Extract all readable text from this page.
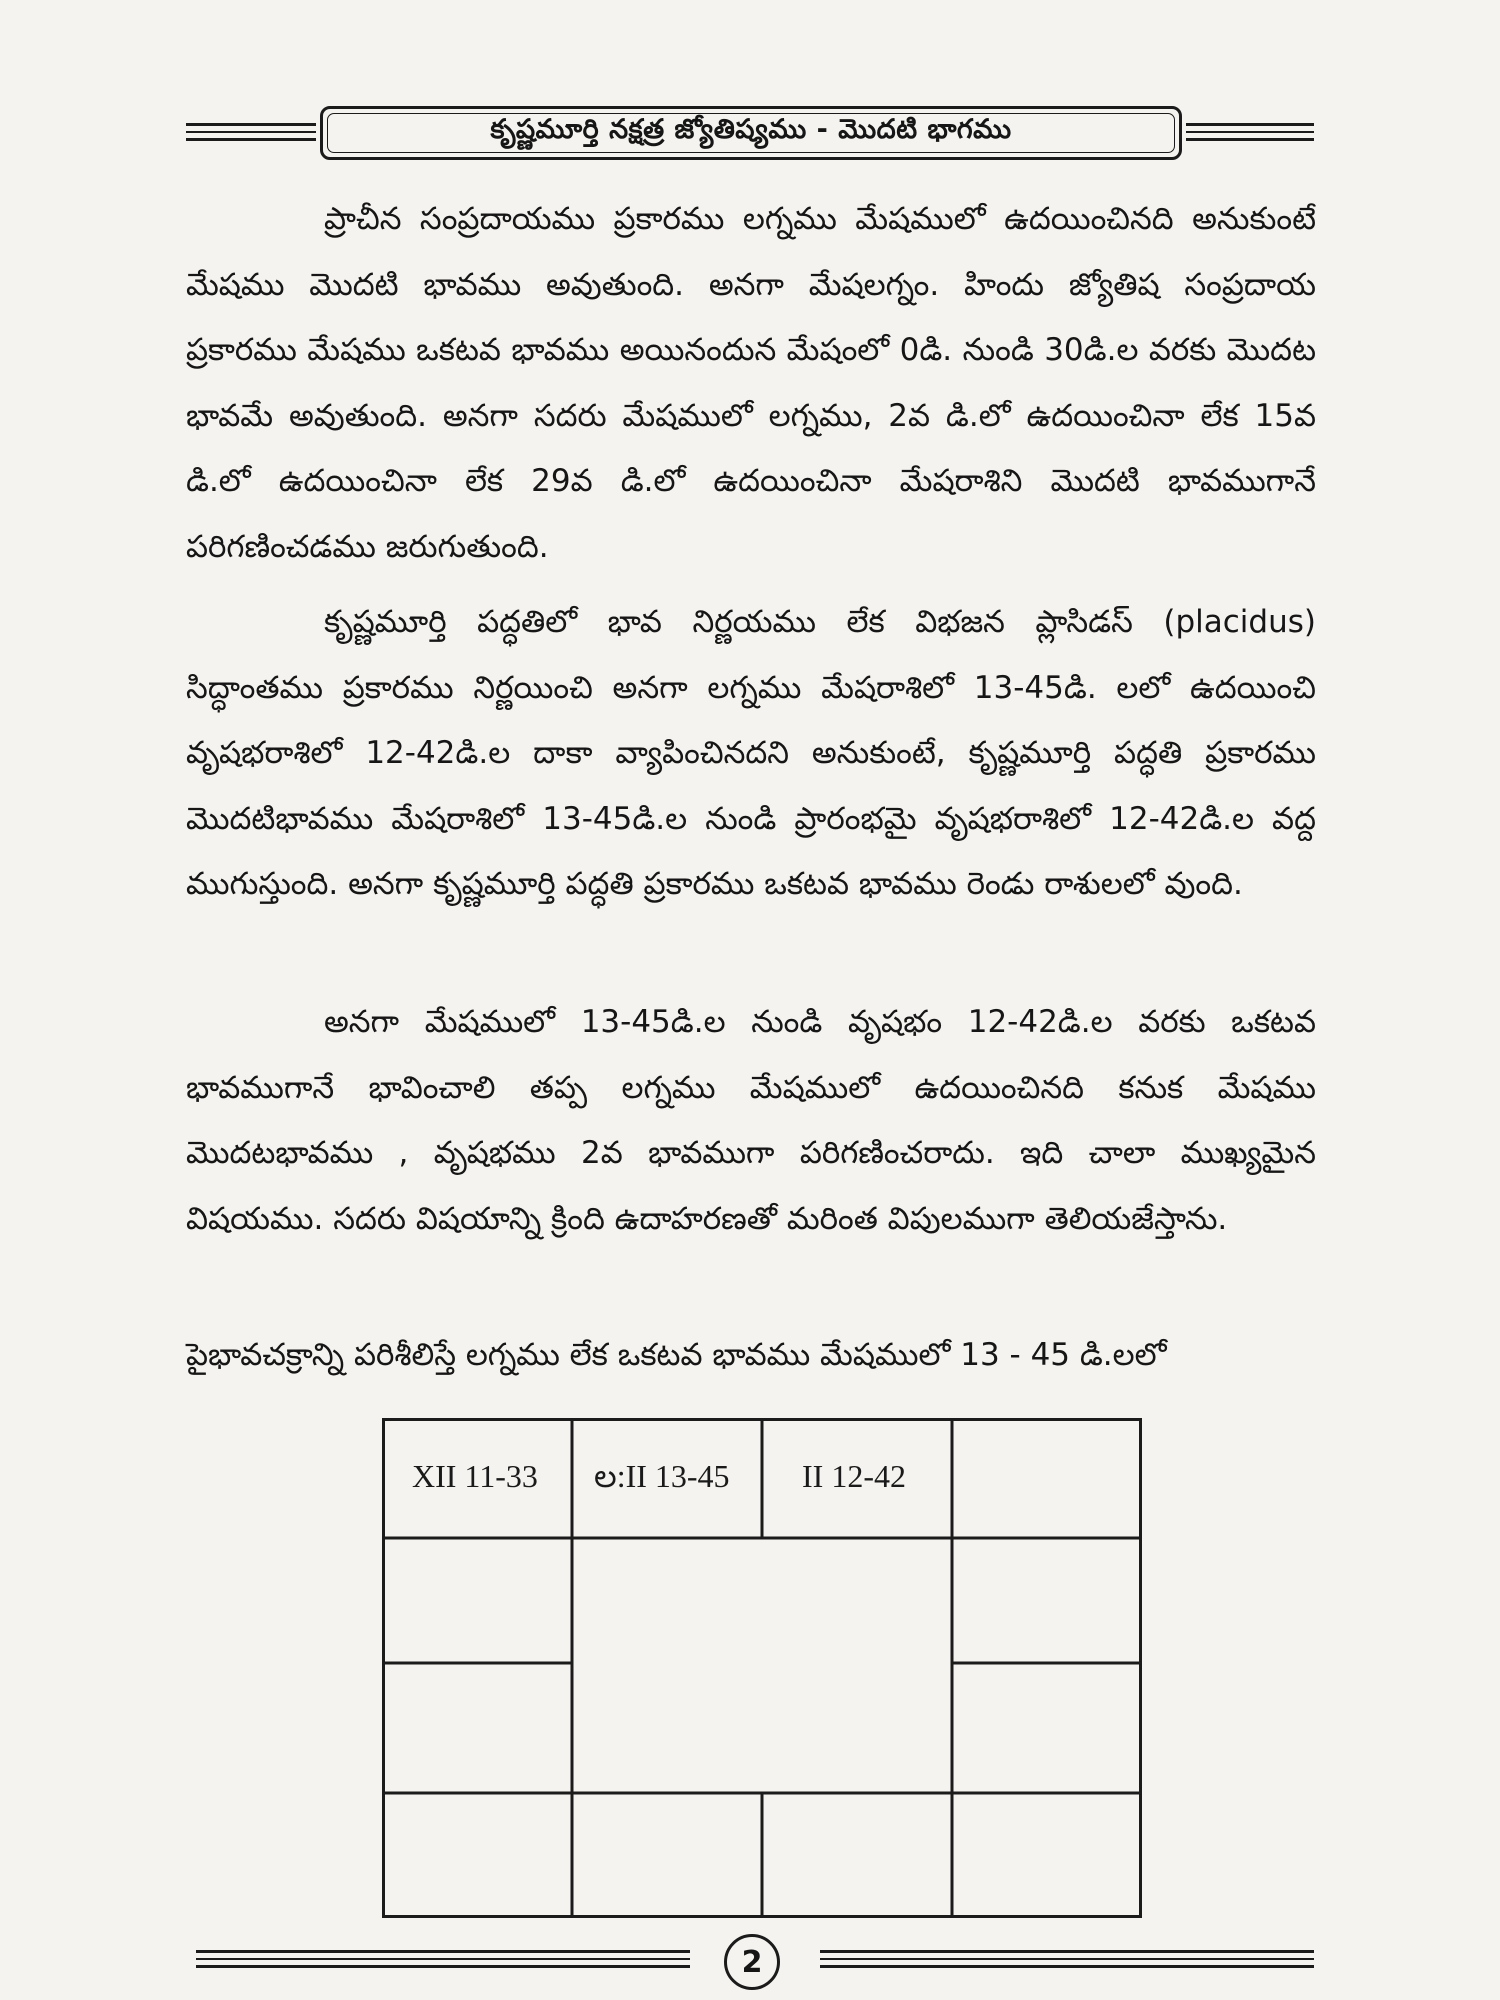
కృష్ణమూర్తి నక్షత్ర జ్యోతిష్యము - మొదటి భాగము

ప్రాచీన సంప్రదాయము ప్రకారము లగ్నము మేషములో ఉదయించినది అనుకుంటే మేషము మొదటి భావము అవుతుంది. అనగా మేషలగ్నం. హిందు జ్యోతిష సంప్రదాయ ప్రకారము మేషము ఒకటవ భావము అయినందున మేషంలో 0డి. నుండి 30డి.ల వరకు మొదట భావమే అవుతుంది. అనగా సదరు మేషములో లగ్నము, 2వ డి.లో ఉదయించినా లేక 15వ డి.లో ఉదయించినా లేక 29వ డి.లో ఉదయించినా మేషరాశిని మొదటి భావముగానే పరిగణించడము జరుగుతుంది.

కృష్ణమూర్తి పద్ధతిలో భావ నిర్ణయము లేక విభజన ప్లాసిడస్ (placidus) సిద్ధాంతము ప్రకారము నిర్ణయించి అనగా లగ్నము మేషరాశిలో 13-45డి. లలో ఉదయించి వృషభరాశిలో 12-42డి.ల దాకా వ్యాపించినదని అనుకుంటే, కృష్ణమూర్తి పద్ధతి ప్రకారము మొదటిభావము మేషరాశిలో 13-45డి.ల నుండి ప్రారంభమై వృషభరాశిలో 12-42డి.ల వద్ద ముగుస్తుంది. అనగా కృష్ణమూర్తి పద్ధతి ప్రకారము ఒకటవ భావము రెండు రాశులలో వుంది.

అనగా మేషములో 13-45డి.ల నుండి వృషభం 12-42డి.ల వరకు ఒకటవ భావముగానే భావించాలి తప్ప లగ్నము మేషములో ఉదయించినది కనుక మేషము మొదటభావము , వృషభము 2వ భావముగా పరిగణించరాదు. ఇది చాలా ముఖ్యమైన విషయము. సదరు విషయాన్ని క్రింది ఉదాహరణతో మరింత విపులముగా తెలియజేస్తాను.

పైభావచక్రాన్ని పరిశీలిస్తే లగ్నము లేక ఒకటవ భావము మేషములో 13 - 45 డి.లలో

XII 11-33 ల:II 13-45 II 12-42
2
